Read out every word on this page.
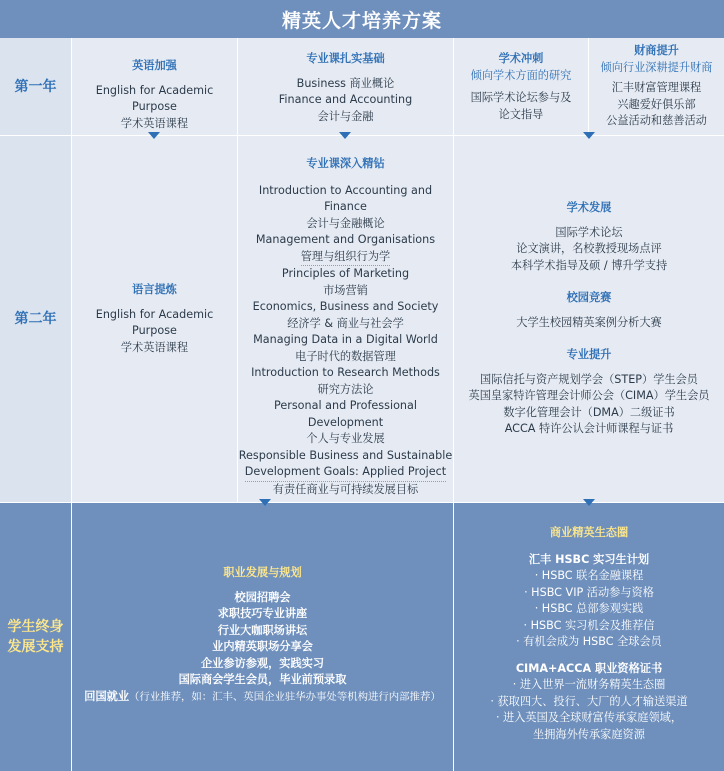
精英人才培养方案
第一年
英语加强
English for Academic Purpose
学术英语课程
专业课扎实基础
Business 商业概论
Finance and Accounting
会计与金融
学术冲刺
倾向学术方面的研究
国际学术论坛参与及
论文指导
财商提升
倾向行业深耕提升财商
汇丰财富管理课程
兴趣爱好俱乐部
公益活动和慈善活动
第二年
语言提炼
English for Academic Purpose
学术英语课程
专业课深入精钻
Introduction to Accounting and Finance
会计与金融概论
Management and Organisations
管理与组织行为学
Principles of Marketing
市场营销
Economics, Business and Society
经济学 & 商业与社会学
Managing Data in a Digital World
电子时代的数据管理
Introduction to Research Methods
研究方法论
Personal and Professional
Development
个人与专业发展
Responsible Business and Sustainable
Development Goals: Applied Project
有责任商业与可持续发展目标
学术发展
国际学术论坛
论文演讲，名校教授现场点评
本科学术指导及硕 / 博升学支持
校园竞赛
大学生校园精英案例分析大赛
专业提升
国际信托与资产规划学会（STEP）学生会员
英国皇家特许管理会计师公会（CIMA）学生会员
数字化管理会计（DMA）二级证书
ACCA 特许公认会计师课程与证书
学生终身
发展支持
职业发展与规划
校园招聘会
求职技巧专业讲座
行业大咖职场讲坛
业内精英职场分享会
企业参访参观，实践实习
国际商会学生会员，毕业前预录取
回国就业（行业推荐，如：汇丰、英国企业驻华办事处等机构进行内部推荐）
商业精英生态圈
汇丰 HSBC 实习生计划
· HSBC 联名金融课程
· HSBC VIP 活动参与资格
· HSBC 总部参观实践
· HSBC 实习机会及推荐信
· 有机会成为 HSBC 全球会员
CIMA+ACCA 职业资格证书
· 进入世界一流财务精英生态圈
· 获取四大、投行、大厂的人才输送渠道
· 进入英国及全球财富传承家庭领域，
坐拥海外传承家庭资源
